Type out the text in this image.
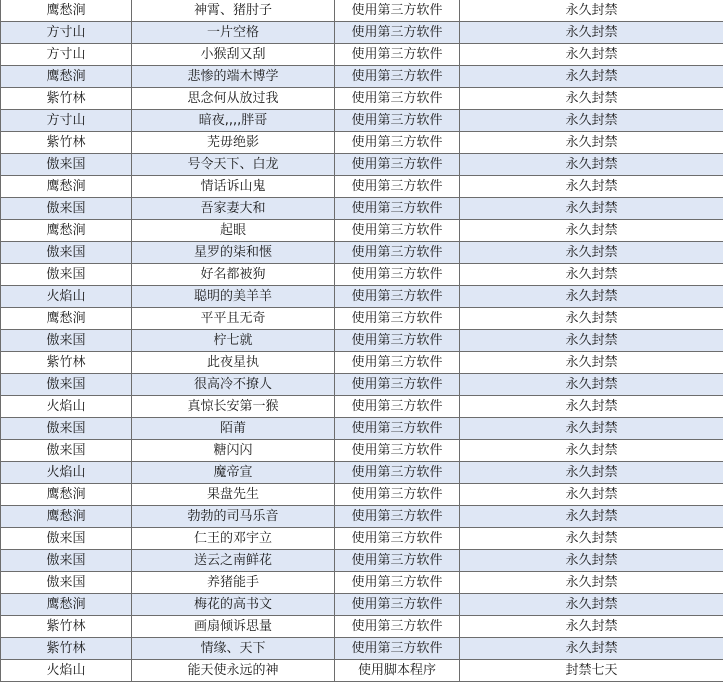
鹰愁涧	神霄、猪肘子	使用第三方软件	永久封禁
方寸山	一片空格	使用第三方软件	永久封禁
方寸山	小猴刮又刮	使用第三方软件	永久封禁
鹰愁涧	悲惨的端木博学	使用第三方软件	永久封禁
紫竹林	思念何从放过我	使用第三方软件	永久封禁
方寸山	暗夜,,,,胖哥	使用第三方软件	永久封禁
紫竹林	芜毋绝影	使用第三方软件	永久封禁
傲来国	号令天下、白龙	使用第三方软件	永久封禁
鹰愁涧	情话诉山鬼	使用第三方软件	永久封禁
傲来国	吾家妻大和	使用第三方软件	永久封禁
鹰愁涧	起眼	使用第三方软件	永久封禁
傲来国	星罗的柒和惬	使用第三方软件	永久封禁
傲来国	好名都被狗	使用第三方软件	永久封禁
火焰山	聪明的美羊羊	使用第三方软件	永久封禁
鹰愁涧	平平且无奇	使用第三方软件	永久封禁
傲来国	柠七就	使用第三方软件	永久封禁
紫竹林	此夜星执	使用第三方软件	永久封禁
傲来国	很高冷不撩人	使用第三方软件	永久封禁
火焰山	真惊长安第一猴	使用第三方软件	永久封禁
傲来国	陌莆	使用第三方软件	永久封禁
傲来国	糖闪闪	使用第三方软件	永久封禁
火焰山	魔帝宣	使用第三方软件	永久封禁
鹰愁涧	果盘先生	使用第三方软件	永久封禁
鹰愁涧	勃勃的司马乐音	使用第三方软件	永久封禁
傲来国	仁王的邓宇立	使用第三方软件	永久封禁
傲来国	送云之南鲜花	使用第三方软件	永久封禁
傲来国	养猪能手	使用第三方软件	永久封禁
鹰愁涧	梅花的高书文	使用第三方软件	永久封禁
紫竹林	画扇倾诉思量	使用第三方软件	永久封禁
紫竹林	情缘、天下	使用第三方软件	永久封禁
火焰山	能天使永远的神	使用脚本程序	封禁七天
